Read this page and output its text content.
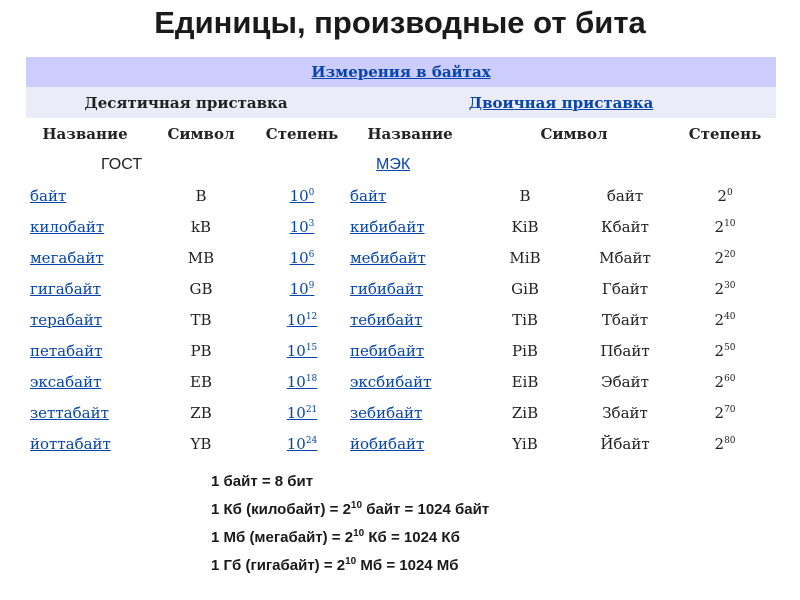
Единицы, производные от бита
Измерения в байтах						
Десятичная приставка			Двоичная приставка			
Название	Символ	Степень	Название	Символ		Степень
ГОСТ			МЭК			
байт	B	$10^0$	байт	B	байт	$2^0$
килобайт	kB	$10^3$	кибибайт	KiB	Кбайт	$2^{10}$
мегабайт	MB	$10^6$	мебибайт	MiB	Мбайт	$2^{20}$
гигабайт	GB	$10^9$	гибибайт	GiB	Гбайт	$2^{30}$
терабайт	TB	$10^{12}$	тебибайт	TiB	Тбайт	$2^{40}$
петабайт	PB	$10^{15}$	пебибайт	PiB	Пбайт	$2^{50}$
эксабайт	EB	$10^{18}$	эксбибайт	EiB	Эбайт	$2^{60}$
зеттабайт	ZB	$10^{21}$	зебибайт	ZiB	Збайт	$2^{70}$
йоттабайт	YB	$10^{24}$	йобибайт	YiB	Йбайт	$2^{80}$
1 байт = 8 бит
1 Кб (килобайт) = $2^{10}$ байт = 1024 байт
1 Мб (мегабайт) = $2^{10}$ Кб = 1024 Кб
1 Гб (гигабайт) = $2^{10}$ Мб = 1024 Мб
